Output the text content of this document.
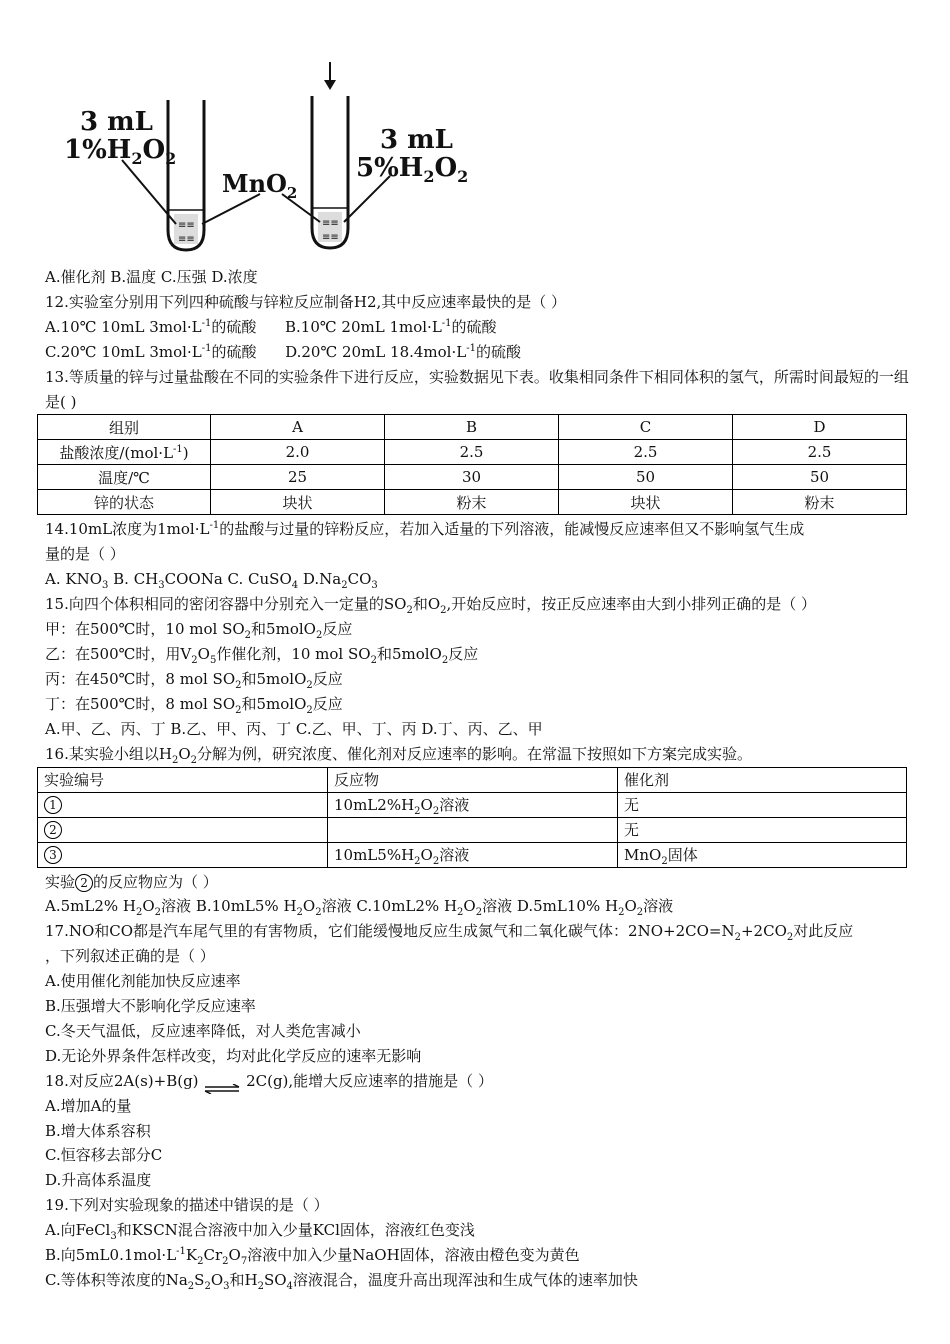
≡≡
≡≡
≡≡
≡≡
3 mL
$1\%H_2O_2$
MnO$_2$
3 mL
$5\%H_2O_2$
A.催化剂 B.温度 C.压强 D.浓度
12.实验室分别用下列四种硫酸与锌粒反应制备H2,其中反应速率最快的是（ ）
A.10℃ 10mL $3mol\cdot L^{-1}$的硫酸 B.10℃ 20mL $1mol\cdot L^{-1}$的硫酸
C.20℃ 10mL $3mol\cdot L^{-1}$的硫酸 D.20℃ 20mL $18.4mol\cdot L^{-1}$的硫酸
13.等质量的锌与过量盐酸在不同的实验条件下进行反应，实验数据见下表。收集相同条件下相同体积的氢气，所需时间最短的一组是( )
组别	A	B	C	D
盐酸浓度$/(mol\cdot L^{-1})$	2.0	2.5	2.5	2.5
温度/℃	25	30	50	50
锌的状态	块状	粉末	块状	粉末
14.10mL浓度为$1mol\cdot L^{-1}$的盐酸与过量的锌粉反应，若加入适量的下列溶液，能减慢反应速率但又不影响氢气生成
量的是（ ）
A. $KNO_3$ B. $CH_3COONa$ C. CuSO$_4$ $D.Na_2CO_3$
15.向四个体积相同的密闭容器中分别充入一定量的$SO_2$和$O_2$,开始反应时，按正反应速率由大到小排列正确的是（ ）
甲：在500℃时，10 mol $SO_2$和5molO$_2$反应
乙：在500℃时，用$V_2O_5$作催化剂，10 mol $SO_2$和5molO$_2$反应
丙：在450℃时，8 mol $SO_2$和5molO$_2$反应
丁：在500℃时，8 mol $SO_2$和5molO$_2$反应
A.甲、乙、丙、丁 B.乙、甲、丙、丁 C.乙、甲、丁、丙 D.丁、丙、乙、甲
16.某实验小组以$H_2O_2$分解为例，研究浓度、催化剂对反应速率的影响。在常温下按照如下方案完成实验。
实验编号	反应物	催化剂
1	$10mL2\%H_2O_2$溶液	无
2		无
3	$10mL5\%H_2O_2$溶液	MnO$_2$固体
实验 2 的反应物应为（ ）
A.5mL2% $H_2O_2$溶液 B.10mL5% $H_2O_2$溶液 C.10mL2% $H_2O_2$溶液 D.5mL10% $H_2O_2$溶液
17.NO和CO都是汽车尾气里的有害物质，它们能缓慢地反应生成氮气和二氧化碳气体：$2NO+2CO=N_2+2CO_2$对此反应
，下列叙述正确的是（ ）
A.使用催化剂能加快反应速率
B.压强增大不影响化学反应速率
C.冬天气温低，反应速率降低，对人类危害减小
D.无论外界条件怎样改变，均对此化学反应的速率无影响
18.对反应2A(s)+B(g) ⇌ 2C(g),能增大反应速率的措施是（ ）
A.增加A的量
B.增大体系容积
C.恒容移去部分C
D.升高体系温度
19.下列对实验现象的描述中错误的是（ ）
A.向FeCl$_3$和KSCN混合溶液中加入少量KCl固体，溶液红色变浅
B.向$5mL0.1mol\cdot L^{-1}K_2Cr_2O_7$溶液中加入少量NaOH固体，溶液由橙色变为黄色
C.等体积等浓度的$Na_2S_2O_3$和$H_2SO_4$溶液混合，温度升高出现浑浊和生成气体的速率加快
